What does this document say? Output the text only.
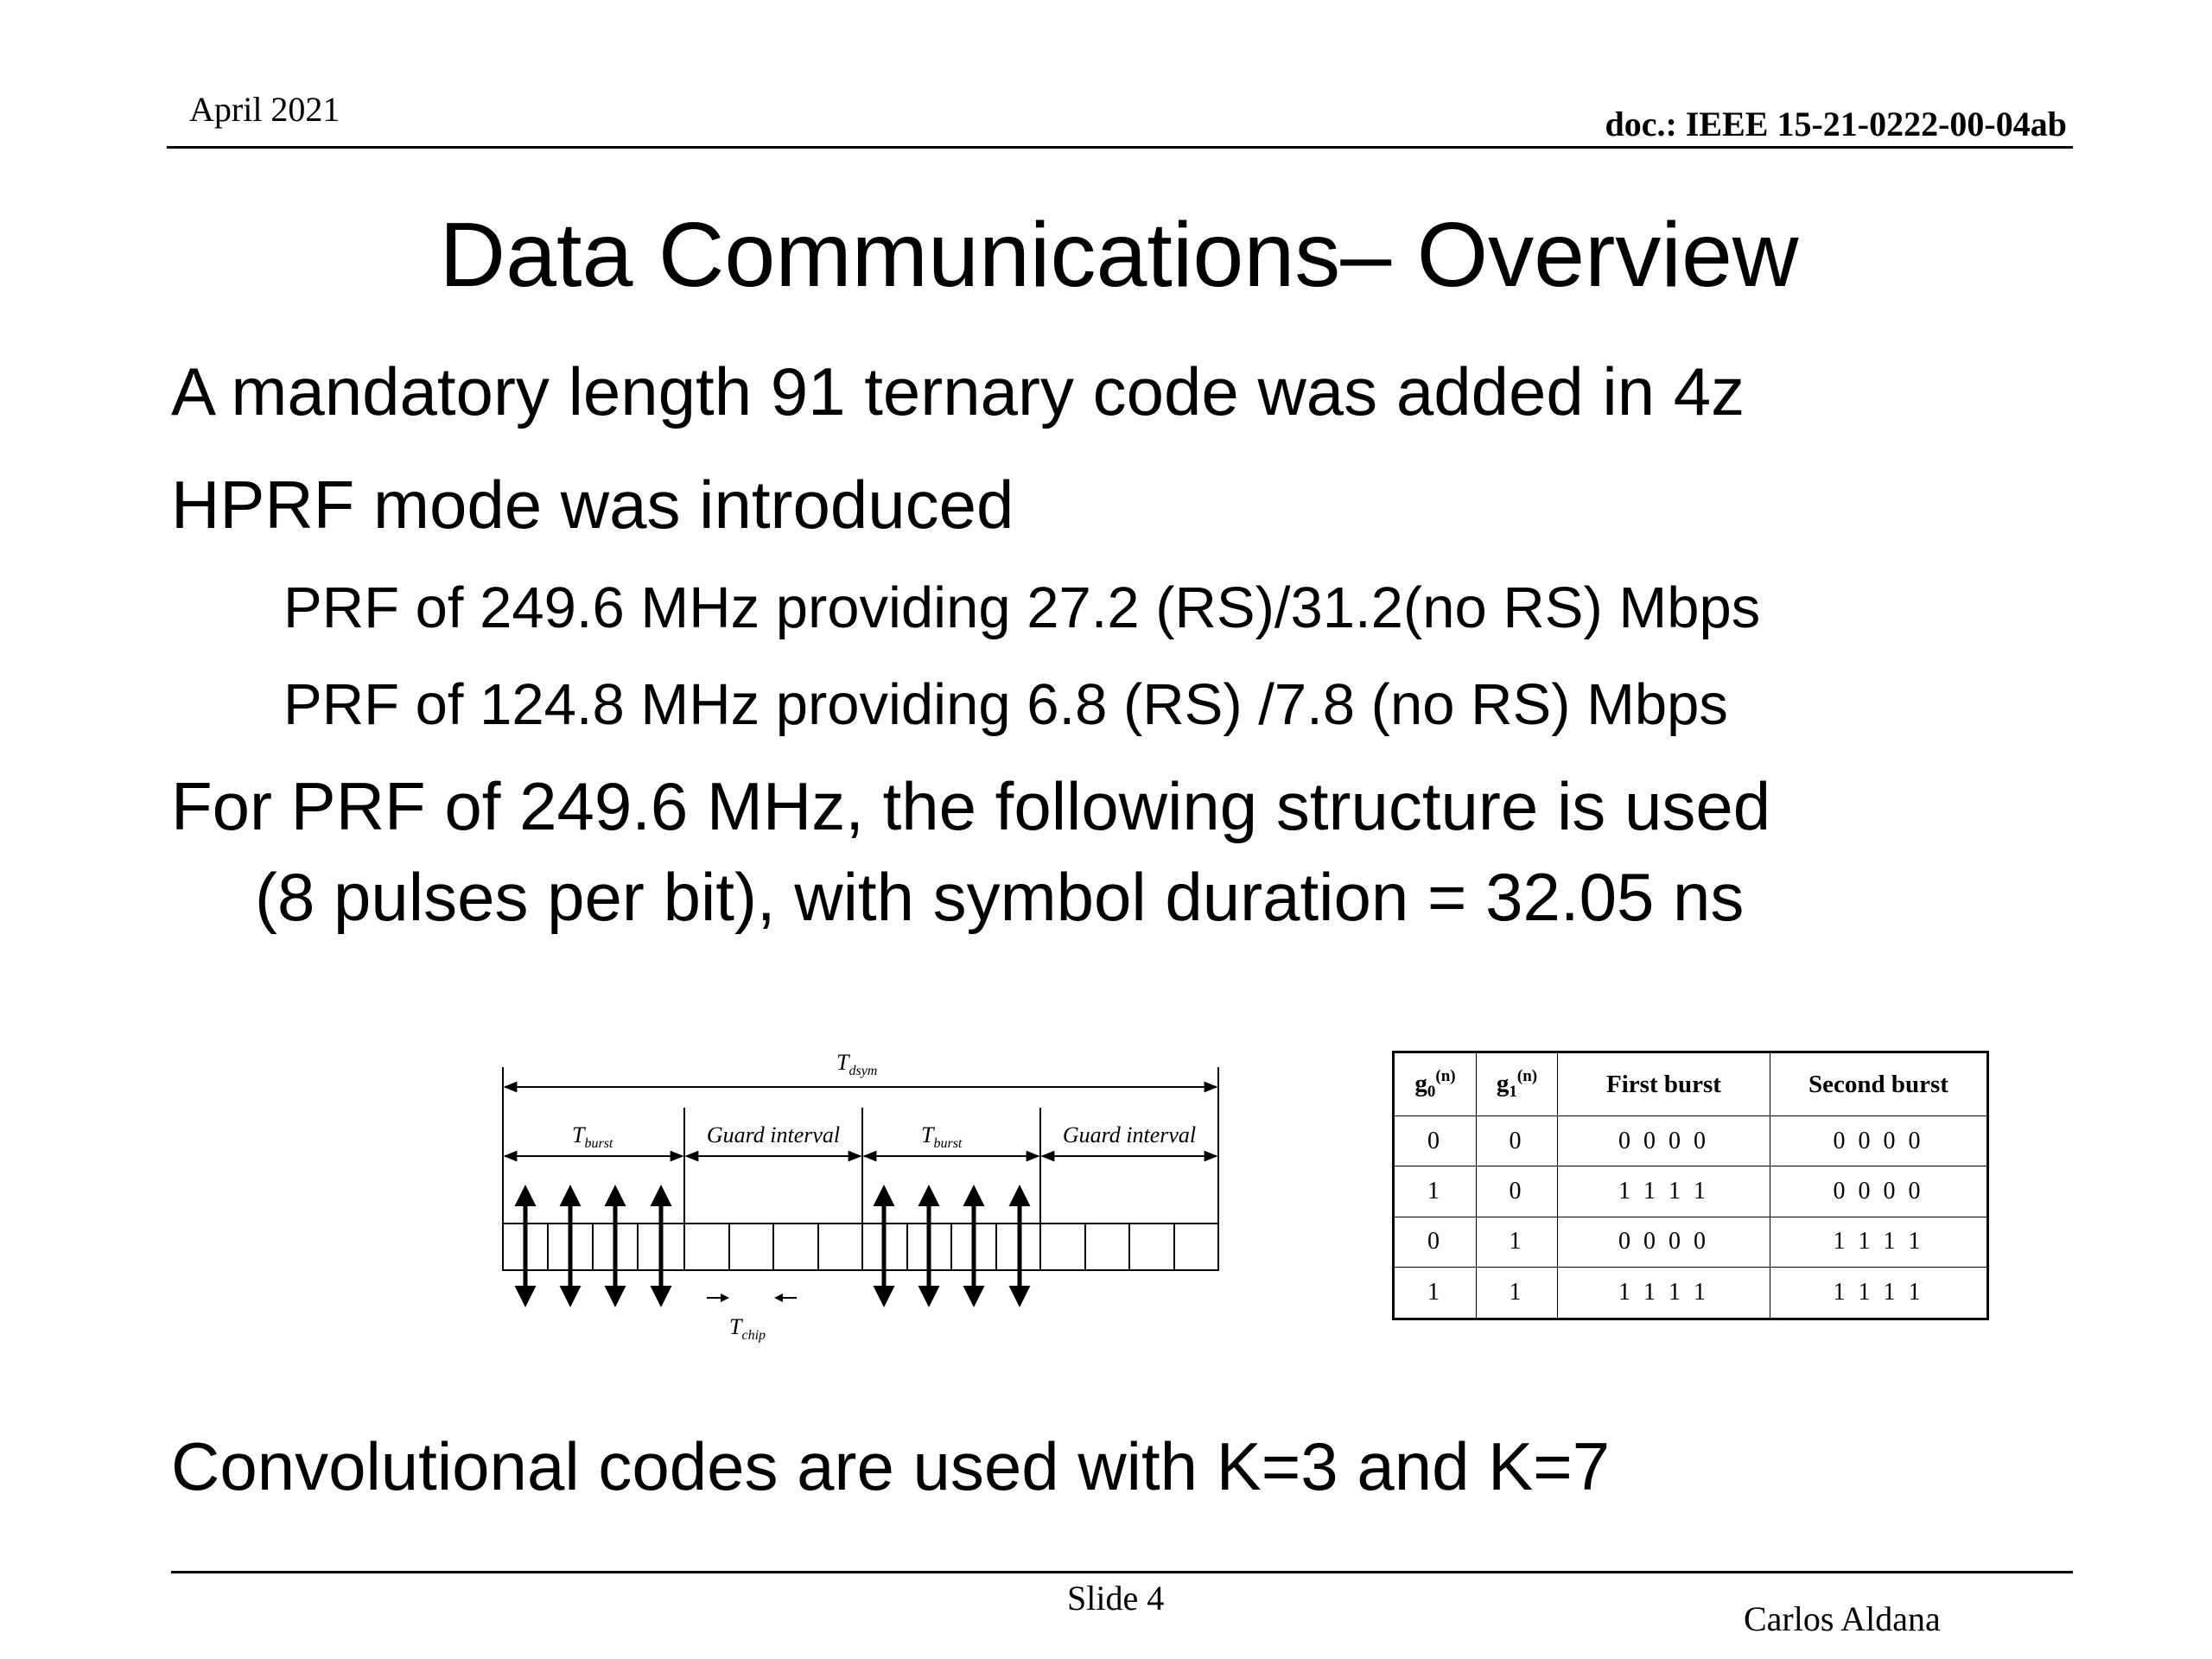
April 2021	doc.: IEEE 15-21-0222-00-04ab
Data Communications– Overview
A mandatory length 91 ternary code was added in 4z
HPRF mode was introduced
PRF of 249.6 MHz providing 27.2 (RS)/31.2(no RS) Mbps
PRF of 124.8 MHz providing 6.8 (RS) /7.8 (no RS) Mbps
For PRF of 249.6 MHz, the following structure is used
(8 pulses per bit), with symbol duration = 32.05 ns
Convolutional codes are used with K=3 and K=7
$T_{dsym}$
$T_{burst}$	$T_{burst}$
Guard interval	Guard interval
$T_{chip}$
$g_0^{(n)}$	$g_1^{(n)}$	First burst	Second burst
0	0	0 0 0 0	0 0 0 0
1	0	1 1 1 1	0 0 0 0
0	1	0 0 0 0	1 1 1 1
1	1	1 1 1 1	1 1 1 1
Slide 4
Carlos Aldana
